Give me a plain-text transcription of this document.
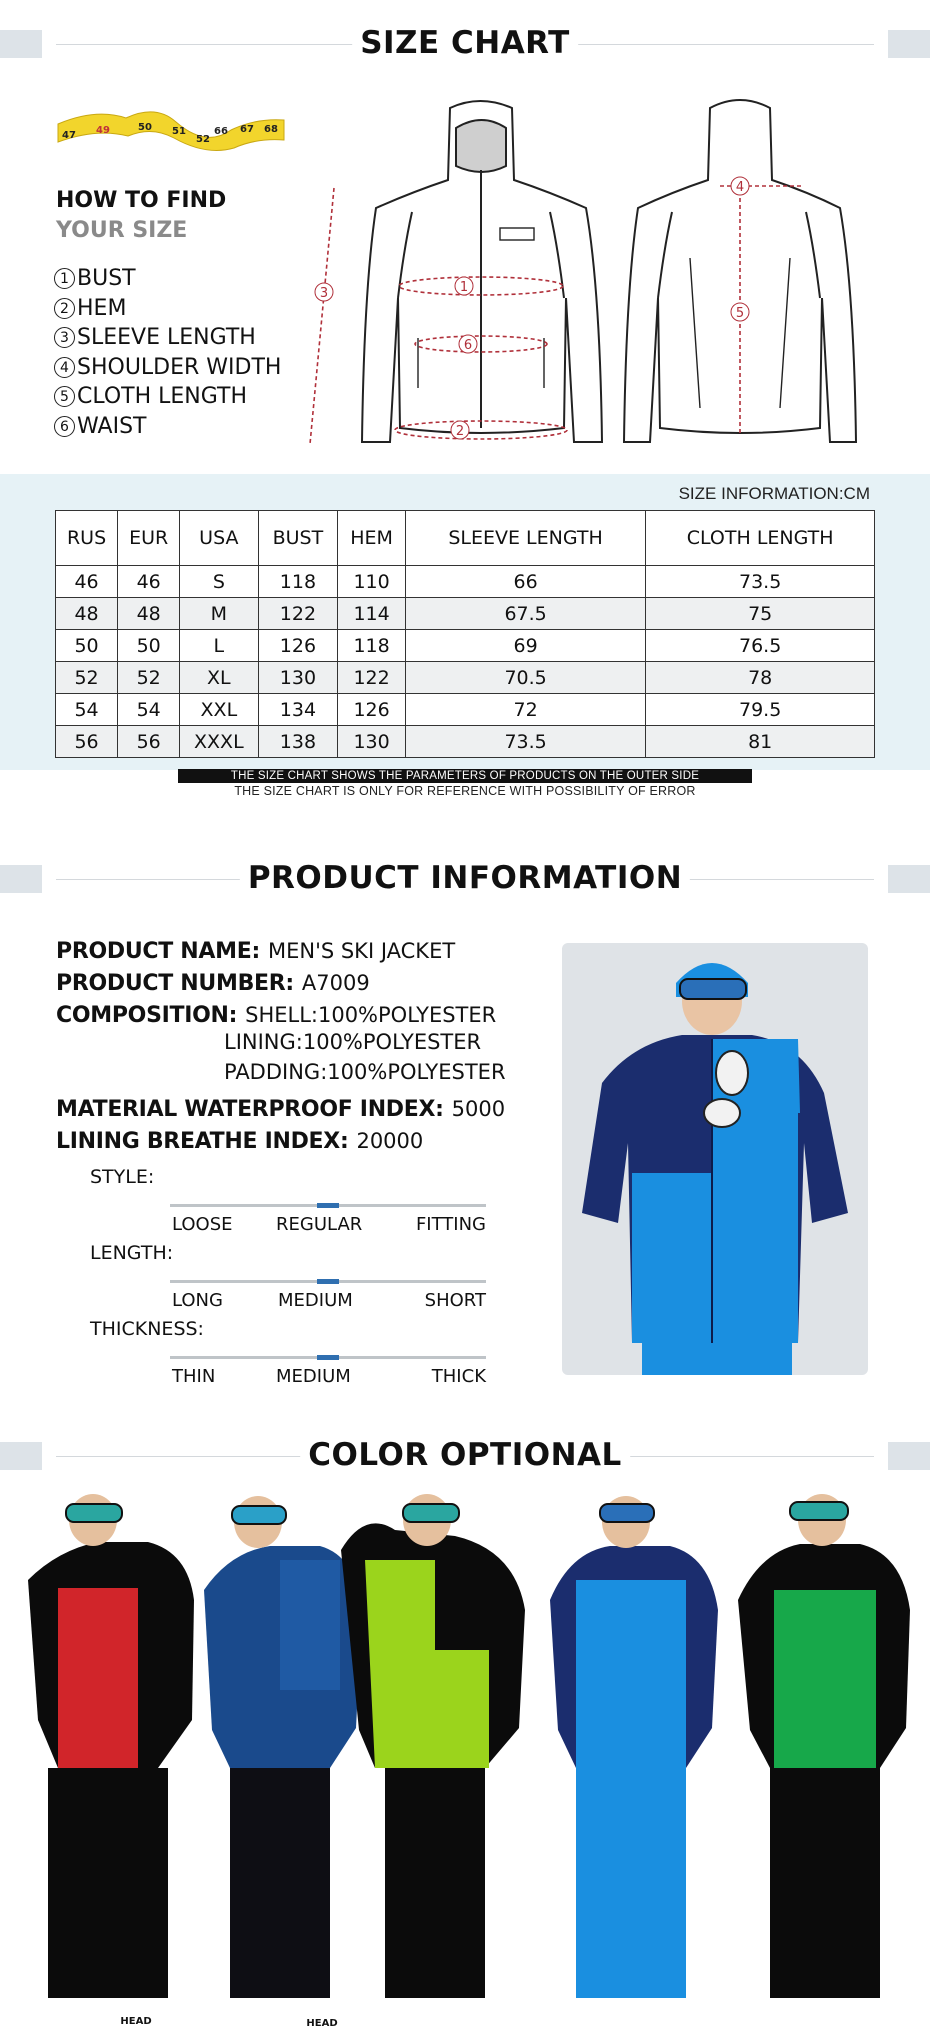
SIZE CHART
47 49	50 51
52
66 67 68
HOW TO FIND
YOUR SIZE
1 BUST
2 HEM
3 SLEEVE LENGTH
4 SHOULDER WIDTH
5 CLOTH LENGTH
6 WAIST
1
2
3
4
5
6
SIZE INFORMATION:CM
RUS	EUR	USA	BUST	HEM	SLEEVE LENGTH	CLOTH LENGTH
46	46	S	118	110	66	73.5
48	48	M	122	114	67.5	75
50	50	L	126	118	69	76.5
52	52	XL	130	122	70.5	78
54	54	XXL	134	126	72	79.5
56	56	XXXL	138	130	73.5	81
THE SIZE CHART SHOWS THE PARAMETERS OF PRODUCTS ON THE OUTER SIDE
THE SIZE CHART IS ONLY FOR REFERENCE WITH POSSIBILITY OF ERROR
PRODUCT INFORMATION
PRODUCT NAME: MEN'S SKI JACKET
PRODUCT NUMBER: A7009
COMPOSITION: SHELL:100%POLYESTER
LINING:100%POLYESTER
PADDING:100%POLYESTER
MATERIAL WATERPROOF INDEX: 5000
LINING BREATHE INDEX: 20000
STYLE:
LOOSE REGULAR	FITTING
LENGTH:
LONG	MEDIUM	SHORT
THICKNESS:
THIN	MEDIUM	THICK
COLOR OPTIONAL
HEAD	HEAD
